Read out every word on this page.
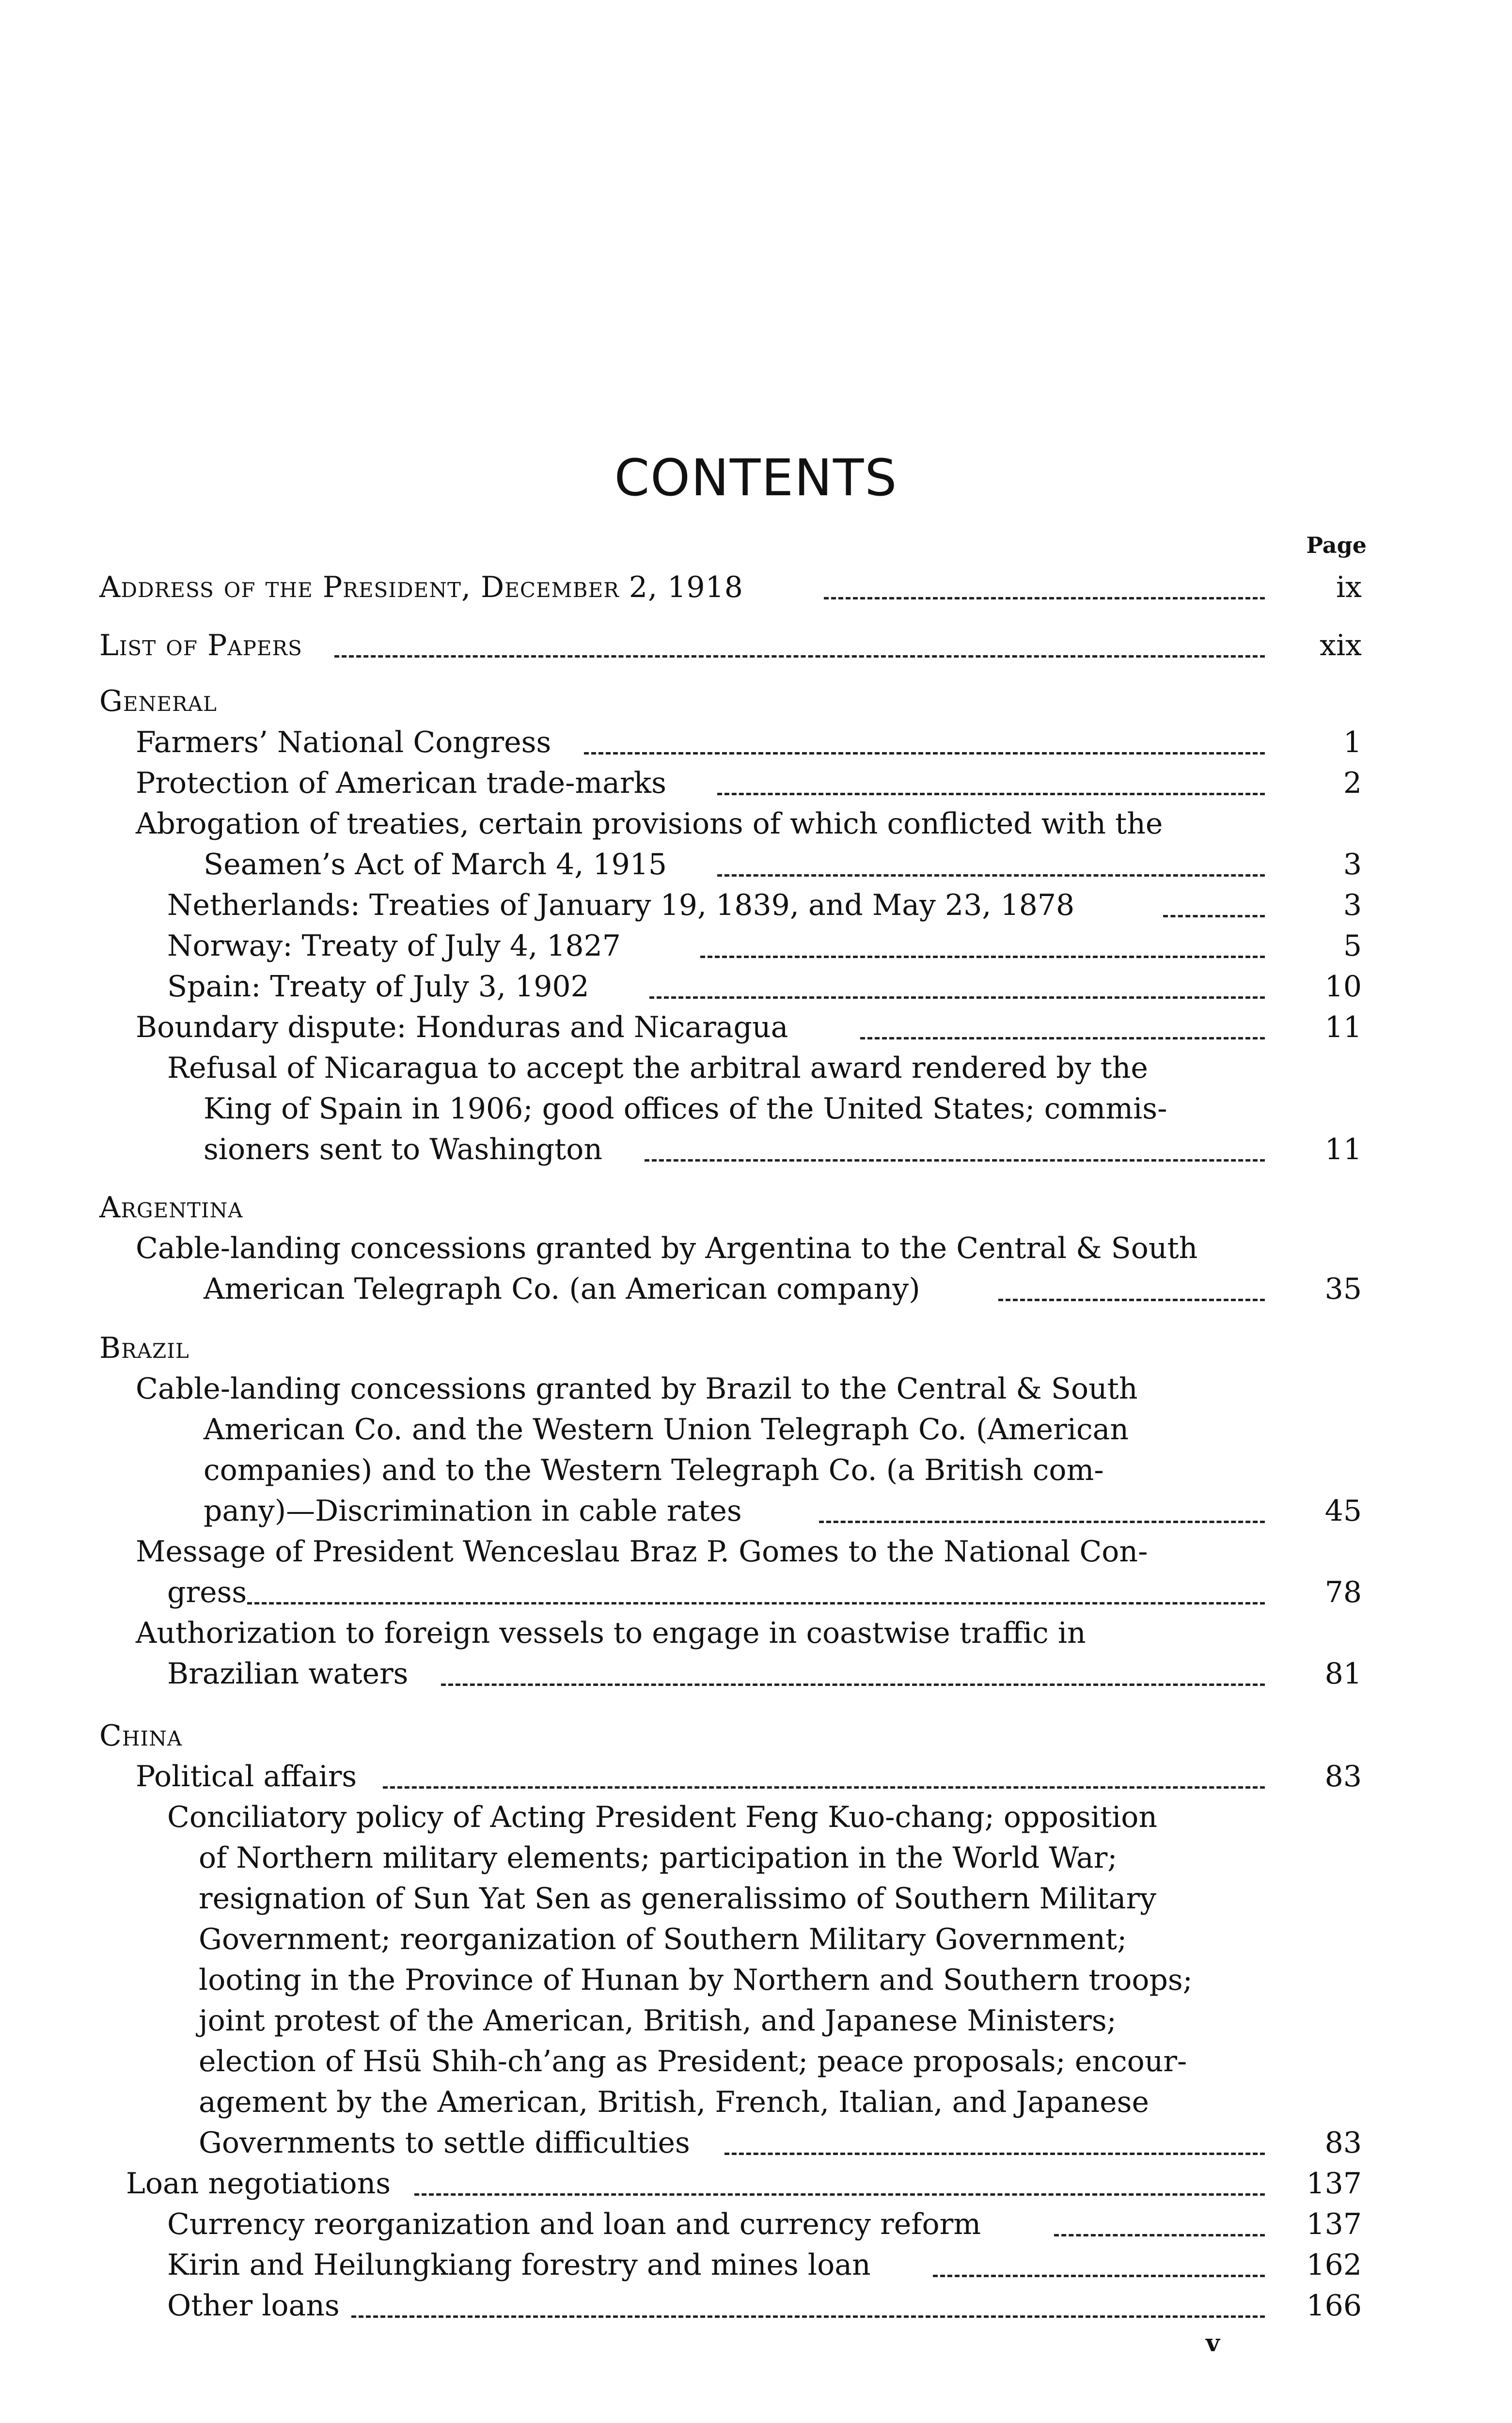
CONTENTS
Page
Address of the President, December 2, 1918	ix
List of Papers	xix
General
Farmers’ National Congress	1
Protection of American trade-marks	2
Abrogation of treaties, certain provisions of which conflicted with the
Seamen’s Act of March 4, 1915	3
Netherlands: Treaties of January 19, 1839, and May 23, 1878	3
Norway: Treaty of July 4, 1827	5
Spain: Treaty of July 3, 1902	10
Boundary dispute: Honduras and Nicaragua	11
Refusal of Nicaragua to accept the arbitral award rendered by the
King of Spain in 1906; good offices of the United States; commis-
sioners sent to Washington	11
Argentina
Cable-landing concessions granted by Argentina to the Central & South
American Telegraph Co. (an American company)	35
Brazil
Cable-landing concessions granted by Brazil to the Central & South
American Co. and the Western Union Telegraph Co. (American
companies) and to the Western Telegraph Co. (a British com-
pany)—Discrimination in cable rates	45
Message of President Wenceslau Braz P. Gomes to the National Con-
gress	78
Authorization to foreign vessels to engage in coastwise traffic in
Brazilian waters	81
China
Political affairs	83
Conciliatory policy of Acting President Feng Kuo-chang; opposition
of Northern military elements; participation in the World War;
resignation of Sun Yat Sen as generalissimo of Southern Military
Government; reorganization of Southern Military Government;
looting in the Province of Hunan by Northern and Southern troops;
joint protest of the American, British, and Japanese Ministers;
election of Hsü Shih-ch’ang as President; peace proposals; encour-
agement by the American, British, French, Italian, and Japanese
Governments to settle difficulties	83
Loan negotiations	137
Currency reorganization and loan and currency reform	137
Kirin and Heilungkiang forestry and mines loan	162
Other loans	166
v
